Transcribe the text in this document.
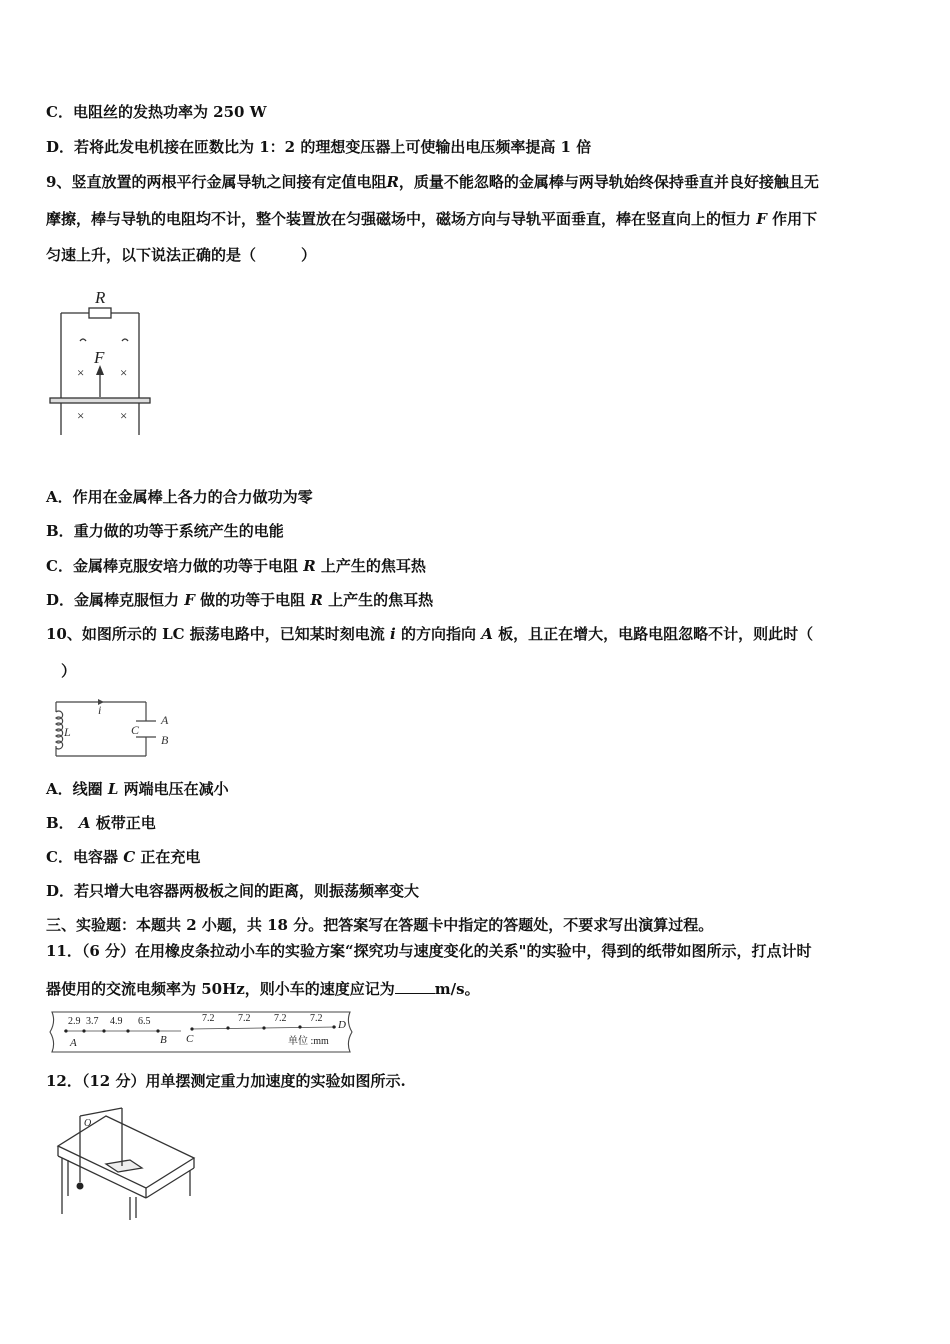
C．电阻丝的发热功率为 250 W
D．若将此发电机接在匝数比为 1：2 的理想变压器上可使输出电压频率提高 1 倍
9、竖直放置的两根平行金属导轨之间接有定值电阻R，质量不能忽略的金属棒与两导轨始终保持垂直并良好接触且无
摩擦，棒与导轨的电阻均不计，整个装置放在匀强磁场中，磁场方向与导轨平面垂直，棒在竖直向上的恒力 F 作用下
匀速上升，以下说法正确的是（　　　）
R
F
×	×
×	×
A．作用在金属棒上各力的合力做功为零
B．重力做的功等于系统产生的电能
C．金属棒克服安培力做的功等于电阻 R 上产生的焦耳热
D．金属棒克服恒力 F 做的功等于电阻 R 上产生的焦耳热
10、如图所示的 LC 振荡电路中，已知某时刻电流 i 的方向指向 A 板，且正在增大，电路电阻忽略不计，则此时（
　）
i
L	C
A
B
A．线圈 L 两端电压在减小
B． A 板带正电
C．电容器 C 正在充电
D．若只增大电容器两极板之间的距离，则振荡频率变大
三、实验题：本题共 2 小题，共 18 分。把答案写在答题卡中指定的答题处，不要求写出演算过程。
11．（6 分）在用橡皮条拉动小车的实验方案“探究功与速度变化的关系"的实验中，得到的纸带如图所示，打点计时
器使用的交流电频率为 50Hz，则小车的速度应记为	m/s。
2.9 3.7 4.9 6.5	7.2 7.2 7.2 7.2
A	B C
D
单位 :mm
12．（12 分）用单摆测定重力加速度的实验如图所示.
O
